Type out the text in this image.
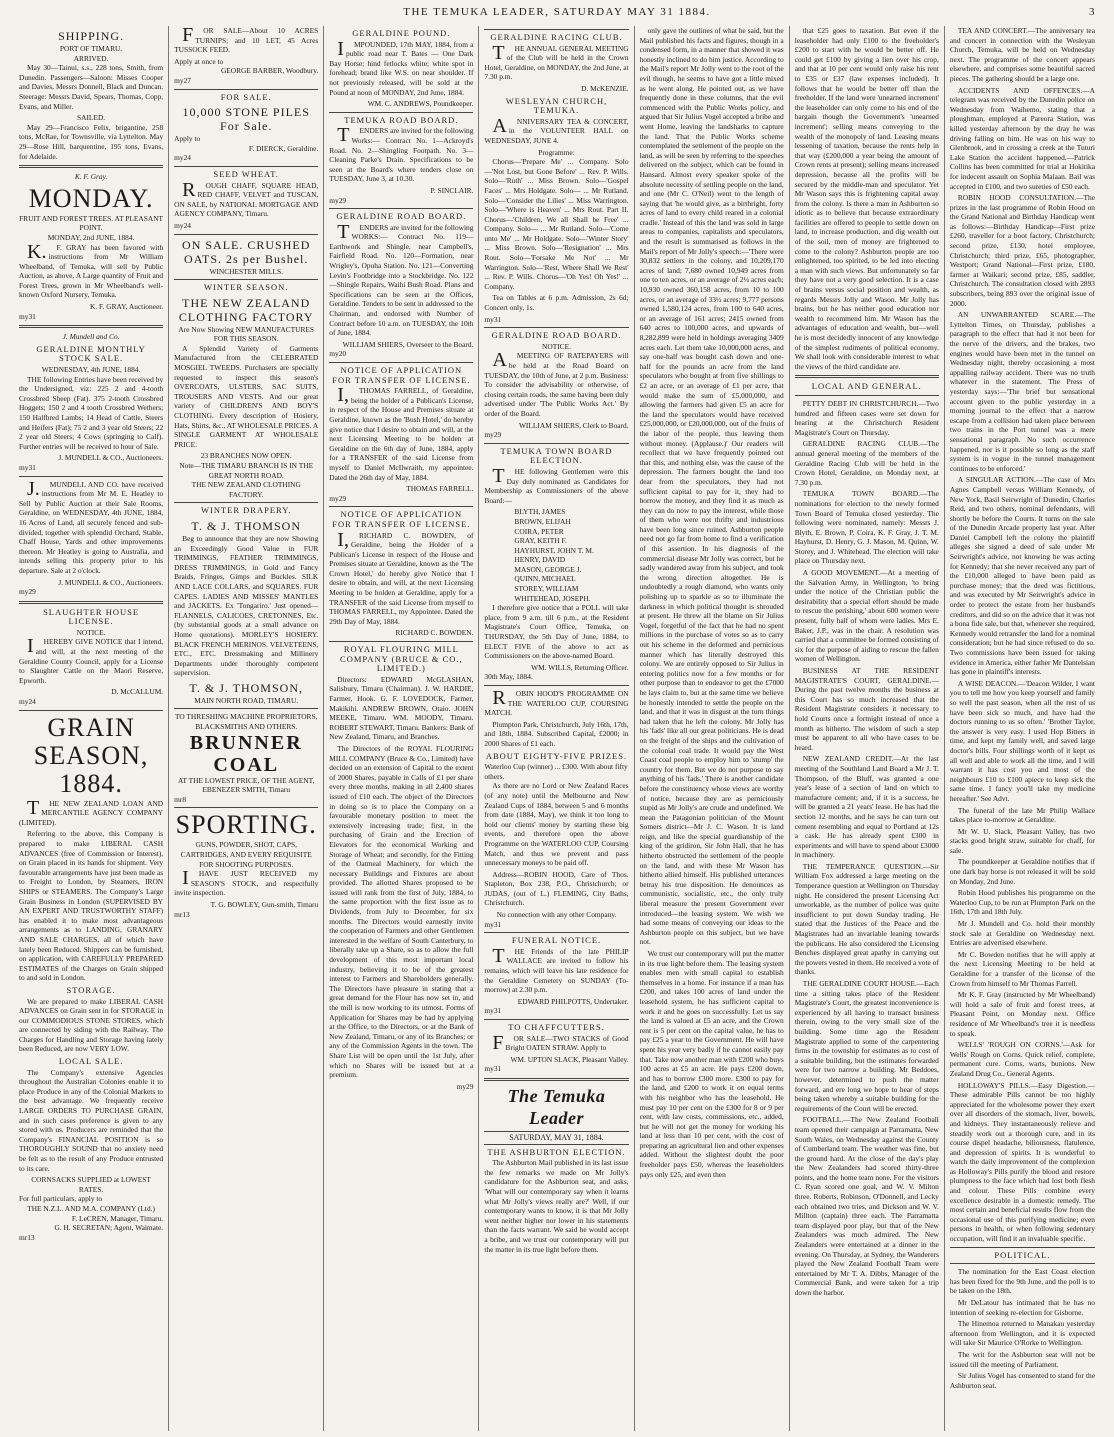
THE TEMUKA LEADER, SATURDAY MAY 31 1884.	3
SHIPPING.
PORT OF TIMARU.
ARRIVED.

May 30—Tainui, s.s., 228 tons, Smith, from Dunedin. Passengers—Saloon: Misses Cooper and Davies, Messrs Donnell, Black and Duncan. Steerage: Messrs David, Spears, Thomas, Copp, Evans, and Miller.

SAILED.

May 29—Francisco Felix, brigantine, 258 tons, McRae, for Townsville, via Lyttelton. May 29—Rose Hill, barquentine, 195 tons, Evans, for Adelaide.

K. F. Gray.
MONDAY.
FRUIT AND FOREST TREES. AT PLEASANT POINT.
MONDAY, 2nd JUNE, 1884.

K.F. GRAY has been favored with instructions from Mr William Wheelband, of Temuka, will sell by Public Auction, as above, A Large quantity of Fruit and Forest Trees, grown in Mr Wheelband's well-known Oxford Nursery, Temuka.

K. F. GRAY, Auctioneer.
my31
J. Mundell and Co.
GERALDINE MONTHLY STOCK SALE.
WEDNESDAY, 4th JUNE, 1884.

THE following Entries have been received by the Undersigned, viz: 225 2 and 4-tooth Crossbred Sheep (Fat). 375 2-tooth Crossbred Hoggets; 150 2 and 4 tooth Crossbred Wethers; 150 Halfbred Lambs; 14 Head of Cattle, Steers and Heifers (Fat); 75 2 and 3 year old Steers; 22 2 year old Steers; 4 Cows (springing to Calf). Further entries will be received to hour of Sale.

J. MUNDELL & CO., Auctioneers.
my31

J.MUNDELL AND CO. have received instructions from Mr M. E. Heatley to Sell by Public Auction at their Sale Rooms, Geraldine, on WEDNESDAY, 4th JUNE, 1884, 16 Acres of Land, all securely fenced and sub-divided, together with splendid Orchard, Stable, Chaff House, Yards and other improvements thereon. Mr Heatley is going to Australia, and intends selling this property prior to his departure. Sale at 2 o'clock.

J. MUNDELL & CO., Auctioneers.
my29
SLAUGHTER HOUSE LICENSE.
NOTICE.

IHEREBY GIVE NOTICE that I intend, and will, at the next meeting of the Geraldine County Council, apply for a License to Slaughter Cattle on the Maori Reserve, Epworth.

D. McCALLUM.
my24
GRAIN SEASON, 1884.

THE NEW ZEALAND LOAN AND MERCANTILE AGENCY COMPANY (LIMITED).

Referring to the above, this Company is prepared to make LIBERAL CASH ADVANCES (free of Commission or Interest), on Grain placed in its hands for shipment. Very favourable arrangements have just been made as to Freight to London, by Steamers, IRON SHIPS or STEAMERS. The Company's Large Grain Business in London (SUPERVISED BY AN EXPERT AND TRUSTWORTHY STAFF) has enabled it to make most advantageous arrangements as to LANDING, GRANARY AND SALE CHARGES, all of which have lately been Reduced. Shippers can be furnished, on application, with CAREFULLY PREPARED ESTIMATES of the Charges on Grain shipped to and sold in London.

STORAGE.

We are prepared to make LIBERAL CASH ADVANCES on Grain sent in for STORAGE in our COMMODIOUS STONE STORES, which are connected by siding with the Railway. The Charges for Handling and Storage having lately been Reduced, are now VERY LOW.

LOCAL SALE.

The Company's extensive Agencies throughout the Australian Colonies enable it to place Produce in any of the Colonial Markets to the best advantage. We frequently receive LARGE ORDERS TO PURCHASE GRAIN, and in such cases preference is given to any stored with us. Producers are reminded that the Company's FINANCIAL POSITION is so THOROUGHLY SOUND that no anxiety need be felt as to the result of any Produce entrusted to its care.

CORNSACKS SUPPLIED at LOWEST RATES.
For full particulars, apply to
THE N.Z.L. AND M.A. COMPANY (Ltd.)
F. LeCREN, Manager, Timaru.
G. H. SECRETAN; Agent, Waimate.
mr13

FOR SALE—About 10 ACRES TURNIPS; and 10 LET, 45 Acres TUSSOCK FEED.

Apply at once to
GEORGE BARBER, Woodbury.
my27
FOR SALE.
10,000 STONE PILES For Sale.
Apply to
F. DIERCK, Geraldine.
my24
SEED WHEAT.

ROUGH CHAFF, SQUARE HEAD, RED CHAFF, VELVET and TUSCAN, ON SALE, by NATIONAL MORTGAGE AND AGENCY COMPANY, Timaru.

my24
ON SALE. CRUSHED OATS. 2s per Bushel.
WINCHESTER MILLS.
WINTER SEASON.
THE NEW ZEALAND CLOTHING FACTORY
Are Now Showing NEW MANUFACTURES FOR THIS SEASON.

A Splendid Variety of Garments Manufactured from the CELEBRATED MOSGIEL TWEEDS. Purchasers are specially requested to inspect this season's OVERCOATS, ULSTERS, SAC SUITS, TROUSERS AND VESTS. And our great variety of CHILDREN'S AND BOY'S CLOTHING. Every description of Hosiery, Hats, Shirts, &c., AT WHOLESALE PRICES. A SINGLE GARMENT AT WHOLESALE PRICE.

23 BRANCHES NOW OPEN.
Note—THE TIMARU BRANCH IS IN THE GREAT NORTH ROAD.
THE NEW ZEALAND CLOTHING FACTORY.
WINTER DRAPERY.
T. & J. THOMSON

Beg to announce that they are now Showing an Exceedingly Good Value in FUR TRIMMINGS, FEATHER TRIMMINGS, DRESS TRIMMINGS, in Gold and Fancy Braids, Fringes, Gimps and Buckles. SILK AND LACE COLLARS, and SQUARES. FUR CAPES. LADIES AND MISSES' MANTLES and JACKETS. Ex 'Tongariro.' Just opened—FLANNELS, CALICOES, CRETONNES, Etc. (by substantial goods at a small advance on Home quotations). MORLEY'S HOSIERY. BLACK FRENCH MERINOS. VELVETEENS, ETC., ETC. Dressmaking and Millinery Departments under thoroughly competent supervision.

T. & J. THOMSON,
MAIN NORTH ROAD, TIMARU.
TO THRESHING MACHINE PROPRIETORS, BLACKSMITHS AND OTHERS.
BRUNNER COAL
AT THE LOWEST PRICE, OF THE AGENT, EBENEZER SMITH, Timaru
mr8
SPORTING.
GUNS, POWDER, SHOT, CAPS, CARTRIDGES, AND EVERY REQUISITE FOR SHOOTING PURPOSES.

IHAVE JUST RECEIVED my SEASON'S STOCK, and respectfully invite inspection.

T. G. BOWLEY, Gun-smith, Timaru
mr13
GERALDINE POUND.

IMPOUNDED, 17th MAY, 1884, from a public road near T. Bates — One Dark Bay Horse; hind fetlocks white; white spot in forehead; brand like W.S. on near shoulder. If not previously released, will be sold at the Pound at noon of MONDAY, 2nd June, 1884.

WM. C. ANDREWS, Poundkeeper.
TEMUKA ROAD BOARD.

TENDERS are invited for the following Works:— Contract No. 1—Ackroyd's Road. No. 2—Shingling Footpath. No. 3—Cleaning Parke's Drain. Specifications to be seen at the Board's where tenders close on TUESDAY, June 3, at 10.30.

P. SINCLAIR.
my29
GERALDINE ROAD BOARD.

TENDERS are invited for the following WORKS:— Contract No. 119—Earthwork and Shingle, near Campbell's, Fairfield Road. No. 120—Formation, near Wrigley's, Opuha Station. No. 121—Converting Levin's Footbridge into a Stockbridge. No. 122—Shingle Repairs, Waihi Bush Road. Plans and Specifications can be seen at the Offices, Geraldine. Tenders to be sent in addressed to the Chairman, and endorsed with Number of Contract before 10 a.m. on TUESDAY, the 10th of June, 1884.

WILLIAM SHIERS, Overseer to the Board.
my20
NOTICE OF APPLICATION FOR TRANSFER OF LICENSE.

I,THOMAS FARRELL, of Geraldine, being the holder of a Publican's License, in respect of the House and Premises situate at Geraldine, known as the 'Bush Hotel,' do hereby give notice that I desire to obtain and will, at the next Licensing Meeting to be holden at Geraldine on the 6th day of June, 1884, apply for a TRANSFER of the said License from myself to Daniel McIlwraith, my appointee. Dated the 26th day of May, 1884.

THOMAS FARRELL.
my29
NOTICE OF APPLICATION FOR TRANSFER OF LICENSE.

I,RICHARD C. BOWDEN, of Geraldine, being the Holder of a Publican's License in respect of the House and Premises situate at Geraldine, known as the 'The Crown Hotel,' do hereby give Notice that I desire to obtain, and will, at the next Licensing Meeting to be holden at Geraldine, apply for a TRANSFER of the said License from myself to THOMAS FARRELL, my Appointee. Dated the 29th Day of May, 1884.

RICHARD C. BOWDEN.
ROYAL FLOURING MILL COMPANY (BRUCE & CO., LIMITED.)

Directors: EDWARD McGLASHAN, Salisbury, Timaru (Chairman). J. W. HARDIE, Farmer, Hook. G. F. LOVEDOCK, Farmer, Makikihi. ANDREW BROWN, Otaio. JOHN MEEKE, Timaru. WM. MOODY, Timaru. ROBERT STEWART, Timaru. Bankers: Bank of New Zealand, Timaru, and Branches.

The Directors of the ROYAL FLOURING MILL COMPANY (Bruce & Co., Limited) have decided on an extension of Capital to the extent of 2000 Shares, payable in Calls of £1 per share every three months, making in all 2,400 shares issued of £10 each. The object of the Directors in doing so is to place the Company on a favourable monetary position to meet the extensively increasing trade; first, in the purchasing of Grain and the Erection of Elevators for the economical Working and Storage of Wheat; and secondly, for the Fitting of the Oatmeal Machinery, for which the necessary Buildings and Fixtures are about provided. The allotted Shares proposed to be issued will rank from the first of July, 1884, to the same proportion with the first issue as to Dividends, from July to December, for six months. The Directors would earnestly invite the cooperation of Farmers and other Gentlemen interested in the welfare of South Canterbury, to liberally take up a Share, so as to allow the full development of this most important local industry, believing it to be of the greatest interest to Farmers and Shareholders generally. The Directors have pleasure in stating that a great demand for the Flour has now set in, and the mill is now working to its utmost. Forms of Application for Shares may be had by applying at the Office, to the Directors, or at the Bank of New Zealand, Timaru, or any of its Branches; or any of the Commission Agents in the town. The Share List will be open until the 1st July, after which no Shares will be issued but at a premium.

my29
GERALDINE RACING CLUB.

THE ANNUAL GENERAL MEETING of the Club will be held in the Crown Hotel, Geraldine, on MONDAY, the 2nd June, at 7.30 p.m.

D. McKENZIE.
WESLEYAN CHURCH, TEMUKA.

ANNIVERSARY TEA & CONCERT, in the VOLUNTEER HALL on WEDNESDAY, JUNE 4.

Programme:

Chorus—'Prepare Me' ... Company. Solo—'Not Lost, but Gone Before' ... Rev. P. Wills. Solo—'Ruth' ... Miss Brown. Solo—'Gospel Faces' ... Mrs Holdgate. Solo— ... Mr Rutland. Solo—'Consider the Lilies' ... Miss Warrington. Solo—'Where is Heaven' ... Mrs Rout. Part II. Chorus—'Children, We all Shall be Free' ... Company. Solo— ... Mr Rutland. Solo—'Come unto Me' ... Mr Holdgate. Solo—'Winter Story' ... Miss Brown. Solo—'Resignation' ... Mrs Rout. Solo—'Forsake Me Not' ... Mr Warrington. Solo—'Rest, Where Shall We Rest' ... Rev. P. Wills. Chorus—'Oh Yes! Oh Yes!' ... Company.

Tea on Tables at 6 p.m. Admission, 2s 6d; Concert only, 1s.

my31
GERALDINE ROAD BOARD.
NOTICE.

AMEETING OF RATEPAYERS will be held at the Road Board on TUESDAY, the 10th of June, at 2 p.m. Business: To consider the advisability or otherwise, of closing certain roads, the same having been duly advertised under 'The Public Works Act.' By order of the Board.

WILLIAM SHIERS, Clerk to Board.
my29
TEMUKA TOWN BOARD ELECTION.

THE following Gentlemen were this Day duly nominated as Candidates for Membership as Commissioners of the above Board:—

BLYTH, JAMES
BROWN, ELIJAH
COIRA, PETER
GRAY, KEITH F.
HAYHURST, JOHN T. M.
HENRY, DAVID
MASON, GEORGE J.
QUINN, MICHAEL
STOREY, WILLIAM
WHITEHEAD, JOSEPH.

I therefore give notice that a POLL will take place, from 9 a.m. till 6 p.m., at the Resident Magistrate's Court Office, Temuka, on THURSDAY, the 5th Day of June, 1884, to ELECT FIVE of the above to act as Commissioners on the above-named Board.

WM. WILLS, Returning Officer.
30th May, 1884.

ROBIN HOOD'S PROGRAMME ON THE WATERLOO CUP, COURSING MATCH.

Plumpton Park, Christchurch, July 16th, 17th, and 18th, 1884. Subscribed Capital, £2000; in 2000 Shares of £1 each.

ABOUT EIGHTY-FIVE PRIZES.
Waterloo Cup (winner) ... £300. With about fifty others.

As there are no Lord or New Zealand Races (of any note) until the Melbourne and New Zealand Cups of 1884, between 5 and 6 months from date (1884, May), we think it too long to hold our clients' money by starting these big events, and therefore open the above Programme on the WATERLOO CUP, Coursing Match, and thus we prevent and pass unnecessary moneys to be paid off.

Address—ROBIN HOOD, Care of Thos. Stapleton, Box 238, P.O., Christchurch; or JUDAS, (out of L.) FLEMING, City Baths, Christchurch.

No connection with any other Company.
my31
FUNERAL NOTICE.

THE Friends of the late PHILIP WALLACE are invited to follow his remains, which will leave his late residence for the Geraldine Cemetery on SUNDAY (To-morrow) at 2.30 p.m.

EDWARD PHILPOTTS, Undertaker.
my31
TO CHAFFCUTTERS.

FOR SALE—TWO STACKS of Good Bright OATEN STRAW. Apply to

WM. UPTON SLACK, Pleasant Valley.
my31
The Temuka Leader
SATURDAY, MAY 31, 1884.
THE ASHBURTON ELECTION.

The Ashburton Mail published in its last issue the few remarks we made on Mr Jolly's candidature for the Ashburton seat, and asks, 'What will our contemporary say when it learns what Mr Jolly's views really are?' Well, if our contemporary wants to know, it is that Mr Jolly went neither higher nor lower in his statements than the facts warrant. We said he would accept a bribe, and we trust our contemporary will put the matter in its true light before them.

only gave the outlines of what he said, but the Mail published his facts and figures, though in a condensed form, in a manner that showed it was honestly inclined to do him justice. According to the Mail's report Mr Jolly went to the root of the evil though, he seems to have got a little mixed as he went along. He pointed out, as we have frequently done in these columns, that the evil commenced with the Public Works policy, and argued that Sir Julius Vogel accepted a bribe and went Home, leaving the landsharks to capture the land. That the Public Works scheme contemplated the settlement of the people on the land, as will be seen by referring to the speeches delivered on the subject, which can be found in Hansard. Almost every speaker spoke of the absolute necessity of settling people on the land, and one (Mr C. O'Neil) went to the length of saying that 'he would give, as a birthright, forty acres of land to every child reared in a colonial cradle.' Instead of this the land was sold in large areas to companies, capitalists and speculators, and the result is summarised as follows in the Mail's report of Mr Jolly's speech:—'There were 30,832 settlers in the colony, and 10,209,170 acres of land; 7,680 owned 10,949 acres from one to ten acres, or an average of 2¼ acres each; 10,930 owned 360,158 acres, from 10 to 100 acres, or an average of 33½ acres; 9,777 persons owned 1,580,124 acres, from 100 to 640 acres, or an average of 161 acres; 2415 owned from 640 acres to 100,000 acres, and upwards of 8,282,899 were held in holdings averaging 3409 acres each. Let them take 10,000,000 acres, and say one-half was bought cash down and one-half for the pounds an acre from the land speculators who bought at from five shillings to £2 an acre, or an average of £1 per acre, that would make the sum of £5,000,000, and allowing the farmers had given £5 an acre for the land the speculators would have received £25,000,000, or £20,000,000, out of the fruits of the labor of the people, thus leaving them without money. (Applause.)' Our readers will recollect that we have frequently pointed out that this, and nothing else, was the cause of the depression. The farmers bought the land too dear from the speculators, they had not sufficient capital to pay for it, they had to borrow the money, and they find it as much as they can do now to pay the interest, while those of them who were not thrifty and industrious have been long since ruined. Ashburton people need not go far from home to find a verification of this assertion. In his diagnosis of the commercial disease Mr Jolly was correct, but he sadly wandered away from his subject, and took the wrong direction altogether. He is undoubtedly a rough diamond, who wants only polishing up to sparkle as so to illuminate the darkness in which political thought is shrouded at present. He threw all the blame on Sir Julius Vogel, forgetful of the fact that he had no spent millions in the purchase of votes so as to carry out his scheme in the deformed and pernicious manner which has literally destroyed this colony. We are entirely opposed to Sir Julius in entering politics now for a few months or for other purpose than to endeavor to get the £7000 he lays claim to, but at the same time we believe he honestly intended to settle the people on the land, and that it was in disgust at the turn things had taken that he left the colony. Mr Jolly has his 'fads' like all our great politicians. He is dead on the freight of the ships and the cultivation of the colonial coal trade. It would pay the West Coast coal people to employ him to 'stump' the country for them. But we do not purpose to say anything of his 'fads.' There is another candidate before the constituency whose views are worthy of notice, because they are as perniciously stupid as Mr Jolly's are crude and undefined. We mean the Patagonian politician of the Mount Somers district—Mr J. C. Wason. It is land reign, and like the special guardianship of the king of the gridiron, Sir John Hall, that he has hitherto obstructed the settlement of the people on the land, and with these Mr Wason has hitherto allied himself. His published utterances betray his true disposition. He denounces as communistic, socialistic, etc., the only truly liberal measure the present Government ever introduced—the leasing system. We wish we had some means of conveying our ideas to the Ashburton people on this subject, but we have not.

We trust our contemporary will put the matter in its true light before them. The leasing system enables men with small capital to establish themselves in a home. For instance if a man has £200, and takes 100 acres of land under the leasehold system, he has sufficient capital to work it and he goes on successfully. Let us say the land is valued at £5 an acre, and the Crown rent is 5 per cent on the capital value, he has to pay £25 a year to the Government. He will have spent his year very badly if he cannot easily pay that. Take now another man with £200 who buys 100 acres at £5 an acre. He pays £200 down, and has to borrow £300 more. £300 to pay for the land, and £200 to work it on equal terms with his neighbor who has the leasehold. He must pay 10 per cent on the £300 for 8 or 9 per cent, with law costs, commissions, etc., added, but he will not get the money for working his land at less than 10 per cent, with the cost of preparing an agricultural lien and other expenses added. Without the slightest doubt the poor freeholder pays £50, whereas the leaseholders pays only £25, and even then

that £25 goes to taxation. But even if the leaseholder had only £100 to the freeholder's £200 to start with he would be better off. He could get £100 by giving a lien over his crop, and that at 10 per cent would only raise his rent to £35 or £37 (law expenses included). It follows that he would be better off than the freeholder. If the land were 'unearned increment' the leaseholder can only come to his end of the bargain though the Government's 'unearned increment'; selling means conveying to the wealth of the monopoly of land. Leasing means lessening of taxation, because the rents help in that way (£200,000 a year being the amount of Crown rents at present); selling means increased depression, because all the profits will be secured by the middle-man and speculator. Yet Mr Wason says this is frightening capital away from the colony. Is there a man in Ashburton so idiotic as to believe that because extraordinary facilities are offered to people to settle down on land, to increase production, and dig wealth out of the soil, men of money are frightened to come to the colony? Ashburton people are too enlightened, too spirited, to be led into electing a man with such views. But unfortunately so far they have not a very good selection. It is a case of brains versus social position and wealth, as regards Messrs Jolly and Wason. Mr Jolly has brains, but he has neither good education nor wealth to recommend him. Mr Wason has the advantages of education and wealth, but—well he is most decidedly innocent of any knowledge of the simplest rudiments of political economy. We shall look with considerable interest to what the views of the third candidate are.

LOCAL AND GENERAL.

PETTY DEBT IN CHRISTCHURCH.—Two hundred and fifteen cases were set down for hearing at the Christchurch Resident Magistrate's Court on Thursday.

GERALDINE RACING CLUB.—The annual general meeting of the members of the Geraldine Racing Club will be held in the Crown Hotel, Geraldine, on Monday next, at 7.30 p.m.

TEMUKA TOWN BOARD.—The nominations for election to the newly formed Town Board of Temuka closed yesterday. The following were nominated, namely: Messrs J. Blyth, E. Brown, P. Coira, K. F. Gray, J. T. M. Hayhurst, D. Henry, G. J. Mason, M. Quinn, W. Storey, and J. Whitehead. The election will take place on Thursday next.

A GOOD MOVEMENT.—At a meeting of the Salvation Army, in Wellington, 'to bring under the notice of the Christian public the desirability that a special effort should be made to rescue the perishing,' about 600 women were present, fully half of whom were ladies. Mrs E. Baker, J.P., was in the chair. A resolution was carried that a committee be formed consisting of six for the purpose of aiding to rescue the fallen women of Wellington.

BUSINESS AT THE RESIDENT MAGISTRATE'S COURT, GERALDINE.—During the past twelve months the business at this Court has so much increased that the Resident Magistrate considers it necessary to hold Courts once a fortnight instead of once a month as hitherto. The wisdom of such a step must be apparent to all who have cases to be heard.

NEW ZEALAND CREDIT.—At the last meeting of the Southland Land Board a Mr J. T. Thompson, of the Bluff, was granted a one year's lease of a section of land on which to manufacture cement; and, if it is a success, he will be granted a 21 years' lease. He has had the section 12 months, and he says he can turn out cement resembling and equal to Portland at 12s a cask. He has already spent £300 in experiments and will have to spend about £3000 in machinery.

THE TEMPERANCE QUESTION.—Sir William Fox addressed a large meeting on the Temperance question at Wellington on Thursday night. He considered the present Licensing Act unworkable, as the number of police was quite insufficient to put down Sunday trading. He stated that the Justices of the Peace and the Magistrates had an invariable leaning towards the publicans. He also considered the Licensing Benches displayed great apathy in carrying out the powers vested in them. He received a vote of thanks.

THE GERALDINE COURT HOUSE.—Each time a sitting takes place of the Resident Magistrate's Court, the greatest inconvenience is experienced by all having to transact business therein, owing to the very small size of the building. Some time ago the Resident Magistrate applied to some of the carpentering firms in the township for estimates as to cost of a suitable building, but the estimates forwarded were for two narrow a building. Mr Beddoes, however, determined to push the matter forward, and ere long we hope to hear of steps being taken whereby a suitable building for the requirements of the Court will be erected.

FOOTBALL.—The New Zealand Football team opened their campaign at Parramatta, New South Wales, on Wednesday against the County of Cumberland team. The weather was fine, but the ground hard. At the close of the day's play the New Zealanders had scored thirty-three points, and the home team none. For the visitors C. Ryan scored one goal, and W. V. Milton three. Roberts, Robinson, O'Donnell, and Lecky each obtained two tries, and Dickson and W. V. Millton (captain) three each. The Parramatta team displayed poor play, but that of the New Zealanders was much admired. The New Zealanders were entertained at a dinner in the evening. On Thursday, at Sydney, the Wanderers played the New Zealand Football Team were entertained by Mr T. A. Dibbs, Manager of the Commercial Bank, and were taken for a trip down the harbor.

TEA AND CONCERT.—The anniversary tea and concert in connection with the Wesleyan Church, Temuka, will be held on Wednesday next. The programme of the concert appears elsewhere, and comprises some beautiful sacred pieces. The gathering should be a large one.

ACCIDENTS AND OFFENCES.—A telegram was received by the Dunedin police on Wednesday from Waihemo, stating that a ploughman, employed at Pareora Station, was killed yesterday afternoon by the dray he was driving falling on him. He was on his way to Glenbrook, and in crossing a creek at the Tuturi Lake Station the accident happened.—Patrick Collins has been committed for trial at Hokitika for indecent assault on Sophia Malaan. Bail was accepted in £100, and two sureties of £50 each.

ROBIN HOOD CONSULTATION.—The prizes in the last programme of Robin Hood on the Grand National and Birthday Handicap went as follows:—Birthday Handicap—First prize £260, traveller for a boot factory, Christchurch; second prize, £130, hotel employee, Christchurch; third prize, £65, photographer, Westport; Grand National—First prize, £180, farmer at Waikari; second prize, £85, saddler, Christchurch. The consultation closed with 2893 subscribers, being 893 over the original issue of 2000.

AN UNWARRANTED SCARE.—The Lyttelton Times, on Thursday, publishes a paragraph to the effect that had it not been for the nerve of the drivers, and the brakes, two engines would have been met in the tunnel on Wednesday night, thereby occasioning a most appalling railway accident. There was no truth whatever in the statement. The Press of yesterday says:—'The brief but sensational account given to the public yesterday in a morning journal to the effect that a narrow escape from a collision had taken place between two trains in the Port tunnel was a mere sensational paragraph. No such occurrence happened, nor is it possible so long as the staff system is in vogue in the tunnel management continues to be enforced.'

A SINGULAR ACTION.—The case of Mrs Agnes Campbell versus William Kennedy, of New York, Basil Seirwright of Dunedin, Charles Reid, and two others, nominal defendants, will shortly be before the Courts. It turns on the sale of the Dunedin Arcade property last year. After Daniel Campbell left the colony the plaintiff alleges she signed a deed of sale under Mr Seirwright's advice, not knowing he was acting for Kennedy; that she never received any part of the £10,000 alleged to have been paid as purchase money; that the deed was fictitious, and was executed by Mr Seirwright's advice in order to protect the estate from her husband's creditors, and did so on the advice that it was not a bona fide sale, but that, whenever she required, Kennedy would retransfer the land for a nominal consideration; but he had since refused to do so. Two commissions have been issued for taking evidence in America, either father Mr Dantelsian has gone in plaintiff's interests.

A WISE DEACON.—'Deacon Wilder, I want you to tell me how you keep yourself and family so well the past season, when all the rest of us have been sick so much, and have had the doctors running to us so often.' 'Brother Taylor, the answer is very easy. I used Hop Bitters in time, and kept my family well, and saved large doctor's bills. Four shillings worth of it kept us all well and able to work all the time, and I will warrant it has cost you and most of the neighbours £10 to £100 apiece to keep sick the same time. I fancy you'll take my medicine hereafter.' See Advt.

The funeral of the late Mr Philip Wallace takes place to-morrow at Geraldine.

Mr W. U. Slack, Pleasant Valley, has two stacks good bright straw, suitable for chaff, for sale.

The poundkeeper at Geraldine notifies that if one dark bay horse is not released it will be sold on Monday, 2nd June.

Robin Hood publishes his programme on the Waterloo Cup, to be run at Plumpton Park on the 16th, 17th and 18th July.

Mr J. Mundell and Co. hold their monthly stock sale at Geraldine on Wednesday next. Entries are advertised elsewhere.

Mr C. Bowden notifies that he will apply at the next Licensing Meeting to be held at Geraldine for a transfer of the license of the Crown from himself to Mr Thomas Farrell.

Mr K. F. Gray (instructed by Mr Wheelband) will hold a sale of fruit and forest trees, at Pleasant Point, on Monday next. Office residence of Mr Wheelband's tree it is needless to speak.

WELLS' 'ROUGH ON CORNS.'—Ask for Wells' Rough on Corns. Quick relief, complete, permanent cure. Corns, warts, bunions. New Zealand Drug Co., General Agents.

HOLLOWAY'S PILLS.—Easy Digestion.—These admirable Pills cannot be too highly appreciated for the wholesome power they exert over all disorders of the stomach, liver, bowels, and kidneys. They instantaneously relieve and steadily work out a thorough cure, and in its course dispel headache, biliousness, flatulence, and depression of spirits. It is wonderful to watch the daily improvement of the complexion as Holloway's Pills purify the blood and restore plumpness to the face which had lost both flesh and colour. These Pills combine every excellence desirable in a domestic remedy. The most certain and beneficial results flow from the occasional use of this purifying medicine; even persons in health, or when following sedentary occupation, will find it an invaluable specific.

POLITICAL.

The nomination for the East Coast election has been fixed for the 9th June, and the poll is to be taken on the 18th.

Mr DeLatour has intimated that he has no intention of seeking re-election for Gisborne.

The Hinemoa returned to Manakau yesterday afternoon from Wellington, and it is expected will take Sir Maurice O'Rorke to Wellington.

The writ for the Ashburton seat will not be issued till the meeting of Parliament.

Sir Julius Vogel has consented to stand for the Ashburton seat.
